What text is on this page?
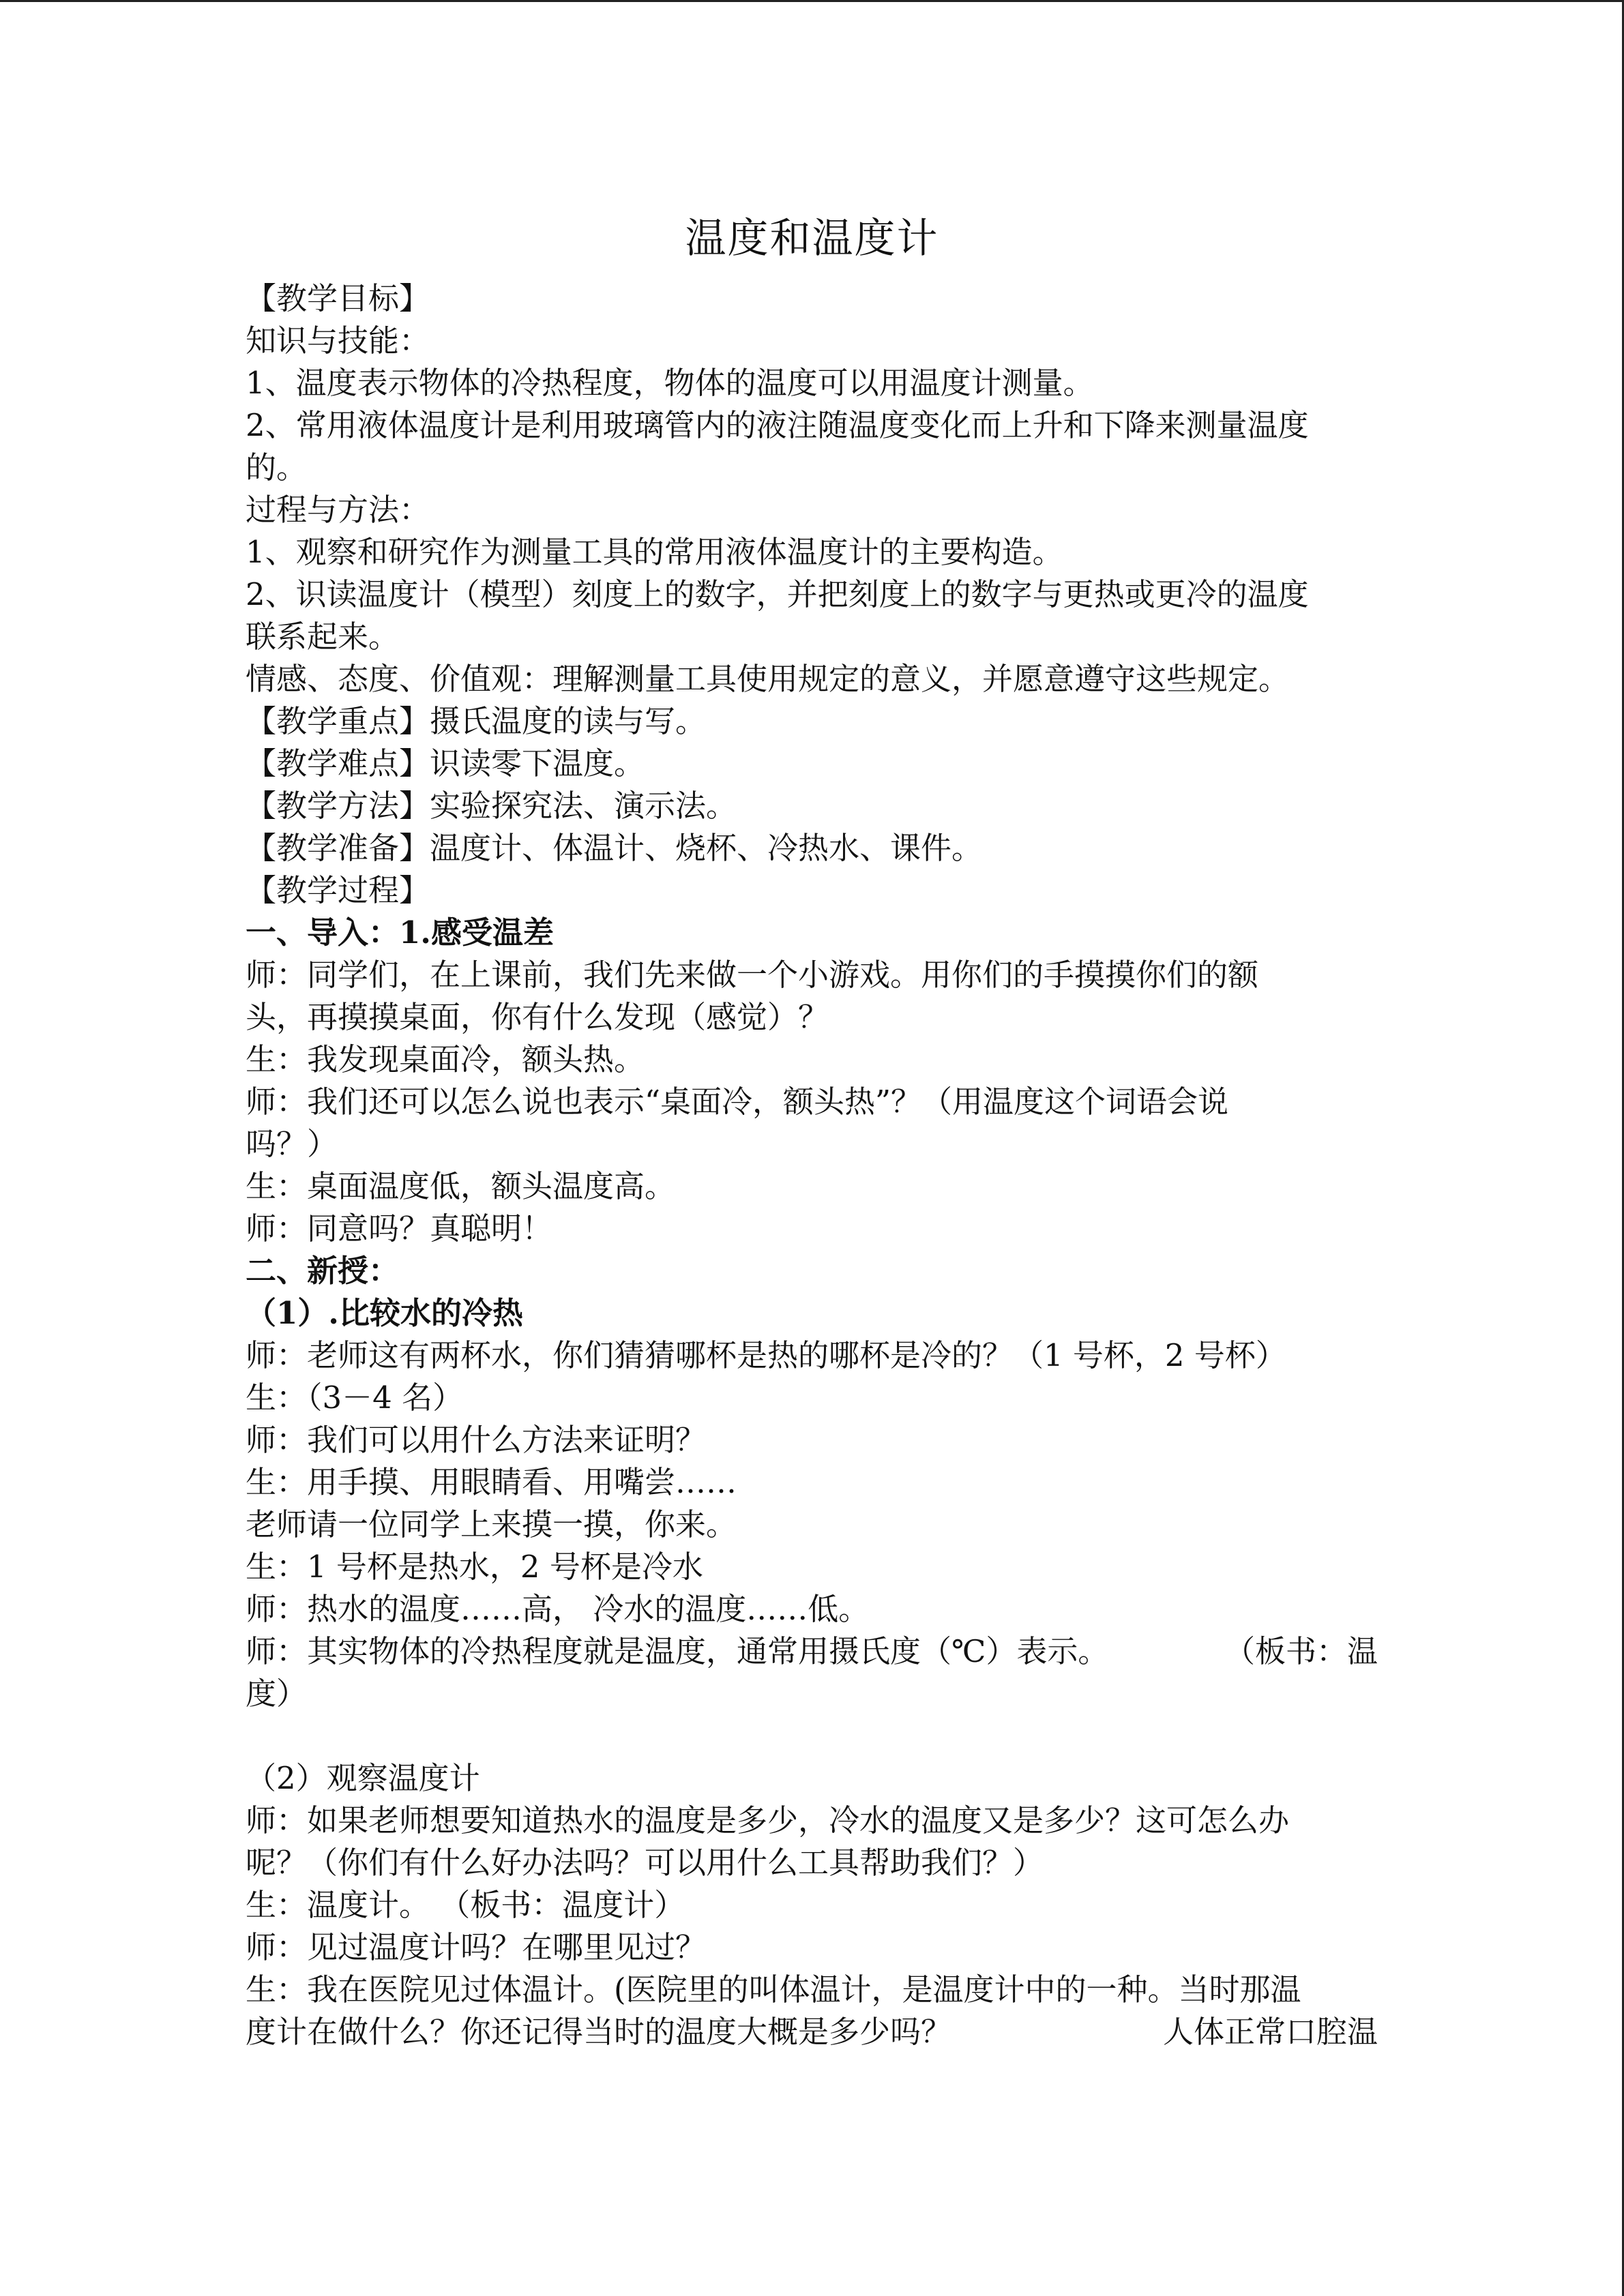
温度和温度计
【教学目标】
知识与技能：
1、温度表示物体的冷热程度，物体的温度可以用温度计测量。
2、常用液体温度计是利用玻璃管内的液注随温度变化而上升和下降来测量温度
的。
过程与方法：
1、观察和研究作为测量工具的常用液体温度计的主要构造。
2、识读温度计（模型）刻度上的数字，并把刻度上的数字与更热或更冷的温度
联系起来。
情感、态度、价值观：理解测量工具使用规定的意义，并愿意遵守这些规定。
【教学重点】摄氏温度的读与写。
【教学难点】识读零下温度。
【教学方法】实验探究法、演示法。
【教学准备】温度计、体温计、烧杯、冷热水、课件。
【教学过程】
一、导入：1.感受温差
师：同学们，在上课前，我们先来做一个小游戏。用你们的手摸摸你们的额
头，再摸摸桌面，你有什么发现（感觉）？
生：我发现桌面冷，额头热。
师：我们还可以怎么说也表示“桌面冷，额头热”？（用温度这个词语会说
吗？）
生：桌面温度低，额头温度高。
师：同意吗？真聪明！
二、新授：
（1）.比较水的冷热
师：老师这有两杯水，你们猜猜哪杯是热的哪杯是冷的？（1 号杯，2 号杯）
生：（3－4 名）
师：我们可以用什么方法来证明？
生：用手摸、用眼睛看、用嘴尝……
老师请一位同学上来摸一摸，你来。
生：1 号杯是热水，2 号杯是冷水
师：热水的温度……高， 冷水的温度……低。
师：其实物体的冷热程度就是温度，通常用摄氏度（℃）表示。	（板书：温
度）
（2）观察温度计
师：如果老师想要知道热水的温度是多少，冷水的温度又是多少？这可怎么办
呢？（你们有什么好办法吗？可以用什么工具帮助我们？）
生：温度计。 （板书：温度计）
师：见过温度计吗？在哪里见过？
生：我在医院见过体温计。(医院里的叫体温计，是温度计中的一种。当时那温
度计在做什么？你还记得当时的温度大概是多少吗？	人体正常口腔温
